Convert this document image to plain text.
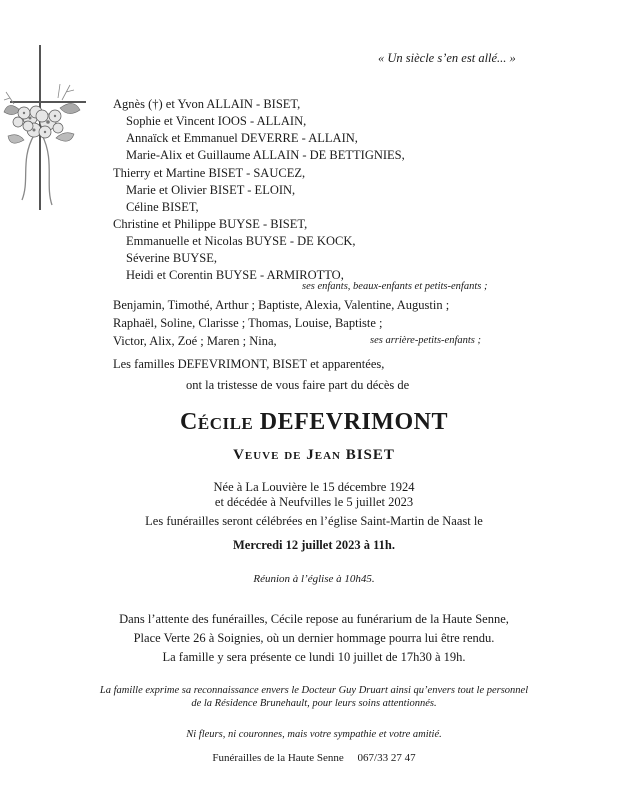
« Un siècle s’en est allé... »
Agnès (†) et Yvon ALLAIN - BISET,
Sophie et Vincent IOOS - ALLAIN,
Annaïck et Emmanuel DEVERRE - ALLAIN,
Marie-Alix et Guillaume ALLAIN - DE BETTIGNIES,
Thierry et Martine BISET - SAUCEZ,
Marie et Olivier BISET - ELOIN,
Céline BISET,
Christine et Philippe BUYSE - BISET,
Emmanuelle et Nicolas BUYSE - DE KOCK,
Séverine BUYSE,
Heidi et Corentin BUYSE - ARMIROTTO,
ses enfants, beaux-enfants et petits-enfants ;
Benjamin, Timothé, Arthur ; Baptiste, Alexia, Valentine, Augustin ;
Raphaël, Soline, Clarisse ; Thomas, Louise, Baptiste ;
Victor, Alix, Zoé ; Maren ; Nina,	ses arrière-petits-enfants ;
Les familles DEFEVRIMONT, BISET et apparentées,
ont la tristesse de vous faire part du décès de
Cécile DEFEVRIMONT
Veuve de Jean BISET
Née à La Louvière le 15 décembre 1924
et décédée à Neufvilles le 5 juillet 2023
Les funérailles seront célébrées en l’église Saint-Martin de Naast le
Mercredi 12 juillet 2023 à 11h.
Réunion à l’église à 10h45.
Dans l’attente des funérailles, Cécile repose au funérarium de la Haute Senne,
Place Verte 26 à Soignies, où un dernier hommage pourra lui être rendu.
La famille y sera présente ce lundi 10 juillet de 17h30 à 19h.
La famille exprime sa reconnaissance envers le Docteur Guy Druart ainsi qu’envers tout le personnel
de la Résidence Brunehault, pour leurs soins attentionnés.
Ni fleurs, ni couronnes, mais votre sympathie et votre amitié.
Funérailles de la Haute Senne 067/33 27 47
